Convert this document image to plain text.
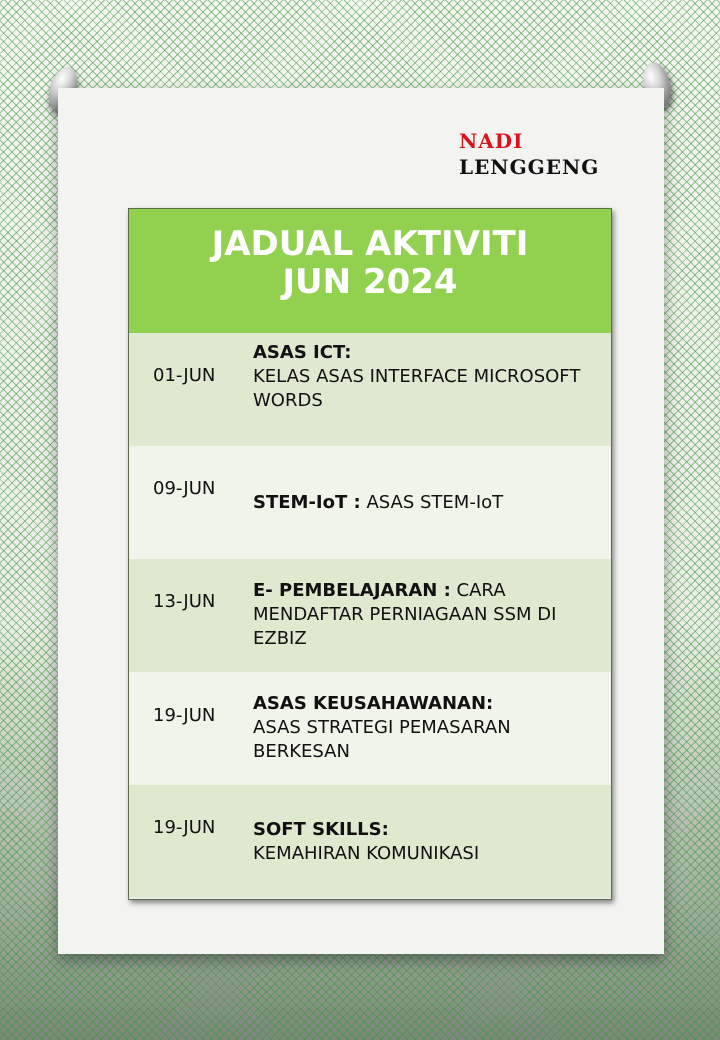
NADI
LENGGENG
JADUAL AKTIVITI
JUN 2024
01-JUN
ASAS ICT:
KELAS ASAS INTERFACE MICROSOFT WORDS
09-JUN
STEM-IoT : ASAS STEM-IoT
13-JUN
E- PEMBELAJARAN : CARA MENDAFTAR PERNIAGAAN SSM DI EZBIZ
19-JUN
ASAS KEUSAHAWANAN:
ASAS STRATEGI PEMASARAN BERKESAN
19-JUN SOFT SKILLS:
KEMAHIRAN KOMUNIKASI
